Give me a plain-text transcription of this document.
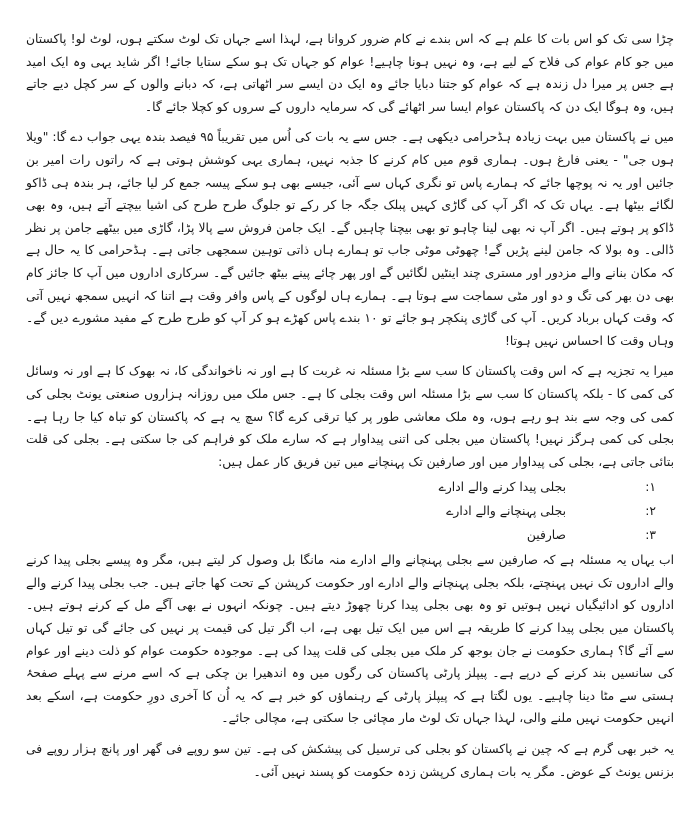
چڑا سی تک کو اس بات کا علم ہے کہ اس بندے نے کام ضرور کروانا ہے، لہذا اسے جہاں تک لوٹ سکتے ہوں، لوٹ لو! پاکستان میں جو کام عوام کی فلاح کے لیے ہے، وہ نہیں ہونا چاہیے! عوام کو جہاں تک ہو سکے ستایا جائے! اگر شاید یہی وہ ایک امید ہے جس پر میرا دل زندہ ہے کہ عوام کو جتنا دبایا جائے وہ ایک دن ایسے سر اٹھاتی ہے، کہ دبانے والوں کے سر کچل دیے جاتے ہیں، وہ ہوگا ایک دن کہ پاکستان عوام ایسا سر اٹھائے گی کہ سرمایہ داروں کے سروں کو کچلا جائے گا۔

میں نے پاکستان میں بہت زیادہ ہڈحرامی دیکھی ہے۔ جس سے یہ بات کی اُس میں تقریباً ۹۵ فیصد بندہ یہی جواب دے گا: "ویلا ہوں جی" - یعنی فارغ ہوں۔ ہماری قوم میں کام کرنے کا جذبہ نہیں، ہماری یہی کوشش ہوتی ہے کہ راتوں رات امیر بن جائیں اور یہ نہ پوچھا جائے کہ ہمارے پاس تو نگری کہاں سے آئی، جیسے بھی ہو سکے پیسہ جمع کر لیا جائے، ہر بندہ ہی ڈاکو لگائے بیٹھا ہے۔ یہاں تک کہ اگر آپ کی گاڑی کہیں پبلک جگہ جا کر رکے تو جلوگ طرح طرح کی اشیا بیچتے آتے ہیں، وہ بھی ڈاکو پر ہوتے ہیں۔ اگر آپ نہ بھی لینا چاہو تو بھی بیچنا چاہیں گے۔ ایک جامن فروش سے پالا پڑا، گاڑی میں بیٹھے جامن پر نظر ڈالی۔ وہ بولا کہ جامن لینے پڑیں گے! چھوٹی موٹی جاب تو ہمارے ہاں ذاتی توہین سمجھی جاتی ہے۔ ہڈحرامی کا یہ حال ہے کہ مکان بنانے والے مزدور اور مستری چند اینٹیں لگائیں گے اور پھر چائے پینے بیٹھ جائیں گے۔ سرکاری اداروں میں آپ کا جائز کام بھی دن بھر کی تگ و دو اور مٹی سماجت سے ہوتا ہے۔ ہمارے ہاں لوگوں کے پاس وافر وقت ہے اتنا کہ انہیں سمجھ نہیں آتی کہ وقت کہاں برباد کریں۔ آپ کی گاڑی پنکچر ہو جائے تو ۱۰ بندے پاس کھڑے ہو کر آپ کو طرح طرح کے مفید مشورے دیں گے۔ وہاں وقت کا احساس نہیں ہوتا!

میرا یہ تجزیہ ہے کہ اس وقت پاکستان کا سب سے بڑا مسئلہ نہ غربت کا ہے اور نہ ناخواندگی کا، نہ بھوک کا ہے اور نہ وسائل کی کمی کا - بلکہ پاکستان کا سب سے بڑا مسئلہ اس وقت بجلی کا ہے۔ جس ملک میں روزانہ ہزاروں صنعتی یونٹ بجلی کی کمی کی وجہ سے بند ہو رہے ہوں، وہ ملک معاشی طور پر کیا ترقی کرے گا؟ سچ یہ ہے کہ پاکستان کو تباہ کیا جا رہا ہے۔ بجلی کی کمی ہرگز نہیں! پاکستان میں بجلی کی اتنی پیداوار ہے کہ سارے ملک کو فراہم کی جا سکتی ہے۔ بجلی کی قلت بتائی جاتی ہے، بجلی کی پیداوار میں اور صارفین تک پہنچانے میں تین فریق کار عمل ہیں:

۱:
بجلی پیدا کرنے والے ادارے
۲:
بجلی پہنچانے والے ادارے
۳:
صارفین

اب یہاں یہ مسئلہ ہے کہ صارفین سے بجلی پہنچانے والے ادارے منہ مانگا بل وصول کر لیتے ہیں، مگر وہ پیسے بجلی پیدا کرنے والے اداروں تک نہیں پہنچتے، بلکہ بجلی پہنچانے والے ادارے اور حکومت کرپشن کے تحت کھا جاتے ہیں۔ جب بجلی پیدا کرنے والے اداروں کو ادائیگیاں نہیں ہوتیں تو وہ بھی بجلی پیدا کرنا چھوڑ دیتے ہیں۔ چونکہ انہوں نے بھی آگے مل کے کرنے ہوتے ہیں۔ پاکستان میں بجلی پیدا کرنے کا طریقہ ہے اس میں ایک تیل بھی ہے، اب اگر تیل کی قیمت پر نہیں کی جائے گی تو تیل کہاں سے آئے گا؟ ہماری حکومت نے جان بوجھ کر ملک میں بجلی کی قلت پیدا کی ہے۔ موجودہ حکومت عوام کو ذلت دینے اور عوام کی سانسیں بند کرنے کے درپے ہے۔ پیپلز پارٹی پاکستان کی رگوں میں وہ اندھیرا بن چکی ہے کہ اسے مرنے سے پہلے صفحۂ ہستی سے مٹا دینا چاہیے۔ یوں لگتا ہے کہ پیپلز پارٹی کے رہنماؤں کو خبر ہے کہ یہ اُن کا آخری دورِ حکومت ہے، اسکے بعد انہیں حکومت نہیں ملنے والی، لہذا جہاں تک لوٹ مار مچائی جا سکتی ہے، مچالی جائے۔

یہ خبر بھی گرم ہے کہ چین نے پاکستان کو بجلی کی ترسیل کی پیشکش کی ہے۔ تین سو روپے فی گھر اور پانچ ہزار روپے فی بزنس یونٹ کے عوض۔ مگر یہ بات ہماری کرپشن زدہ حکومت کو پسند نہیں آئی۔
